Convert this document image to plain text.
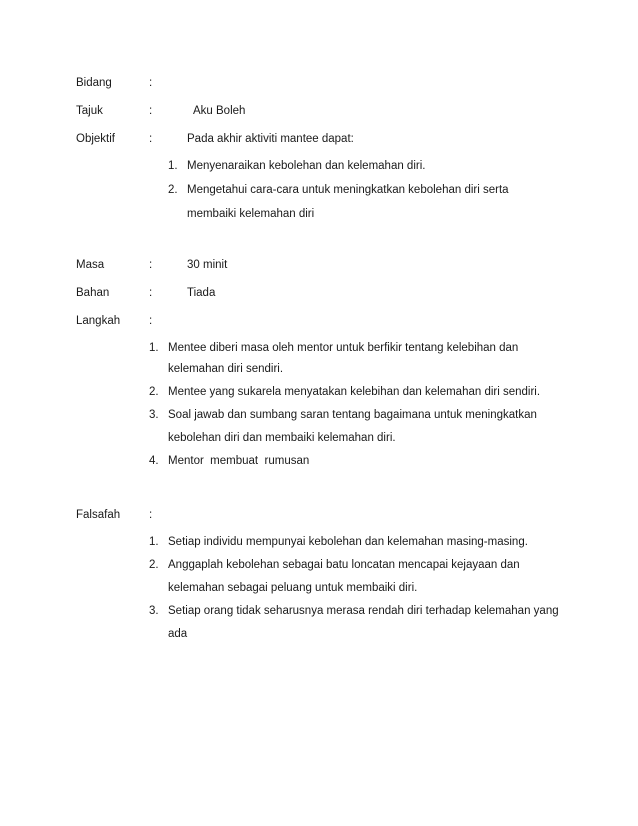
Bidang	:
Tajuk	:	Aku Boleh
Objektif	:	Pada akhir aktiviti mantee dapat:
1. Menyenaraikan kebolehan dan kelemahan diri.
2. Mengetahui cara-cara untuk meningkatkan kebolehan diri serta
membaiki kelemahan diri
Masa	:	30 minit
Bahan	:	Tiada
Langkah	:
1. Mentee diberi masa oleh mentor untuk berfikir tentang kelebihan dan
kelemahan diri sendiri.
2. Mentee yang sukarela menyatakan kelebihan dan kelemahan diri sendiri.
3. Soal jawab dan sumbang saran tentang bagaimana untuk meningkatkan
kebolehan diri dan membaiki kelemahan diri.
4. Mentor  membuat  rumusan
Falsafah	:
1. Setiap individu mempunyai kebolehan dan kelemahan masing-masing.
2. Anggaplah kebolehan sebagai batu loncatan mencapai kejayaan dan
kelemahan sebagai peluang untuk membaiki diri.
3. Setiap orang tidak seharusnya merasa rendah diri terhadap kelemahan yang
ada
